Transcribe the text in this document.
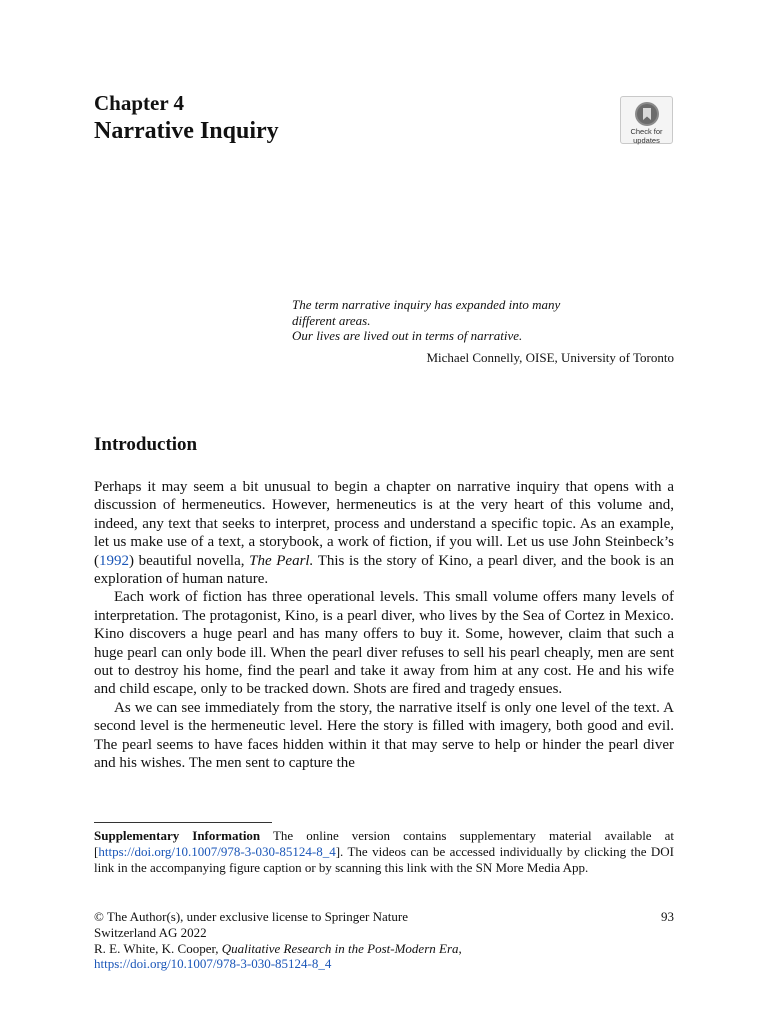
Chapter 4
Narrative Inquiry	Check for
updates
The term narrative inquiry has expanded into many
different areas.
Our lives are lived out in terms of narrative.
Michael Connelly, OISE, University of Toronto
Introduction

Perhaps it may seem a bit unusual to begin a chapter on narrative inquiry that opens with a discussion of hermeneutics. However, hermeneutics is at the very heart of this volume and, indeed, any text that seeks to interpret, process and understand a specific topic. As an example, let us make use of a text, a storybook, a work of fiction, if you will. Let us use John Steinbeck’s (1992) beautiful novella, The Pearl. This is the story of Kino, a pearl diver, and the book is an exploration of human nature.

Each work of fiction has three operational levels. This small volume offers many levels of interpretation. The protagonist, Kino, is a pearl diver, who lives by the Sea of Cortez in Mexico. Kino discovers a huge pearl and has many offers to buy it. Some, however, claim that such a huge pearl can only bode ill. When the pearl diver refuses to sell his pearl cheaply, men are sent out to destroy his home, find the pearl and take it away from him at any cost. He and his wife and child escape, only to be tracked down. Shots are fired and tragedy ensues.

As we can see immediately from the story, the narrative itself is only one level of the text. A second level is the hermeneutic level. Here the story is filled with imagery, both good and evil. The pearl seems to have faces hidden within it that may serve to help or hinder the pearl diver and his wishes. The men sent to capture the

Supplementary Information The online version contains supplementary material available at [https://doi.org/10.1007/978-3-030-85124-8_4]. The videos can be accessed individually by clicking the DOI link in the accompanying figure caption or by scanning this link with the SN More Media App.
© The Author(s), under exclusive license to Springer Nature
Switzerland AG 2022
R. E. White, K. Cooper, Qualitative Research in the Post-Modern Era,
https://doi.org/10.1007/978-3-030-85124-8_4
93
